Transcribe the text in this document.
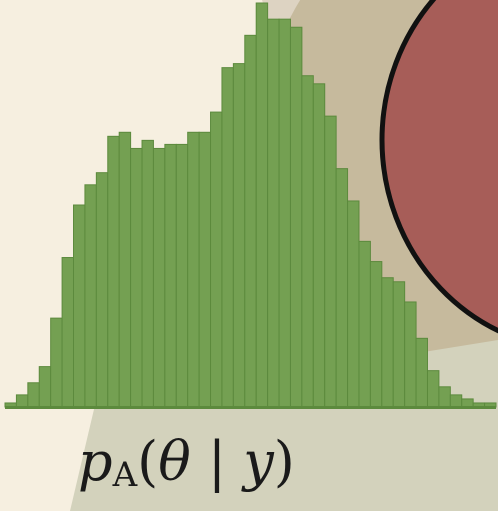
pA(θ | y)
